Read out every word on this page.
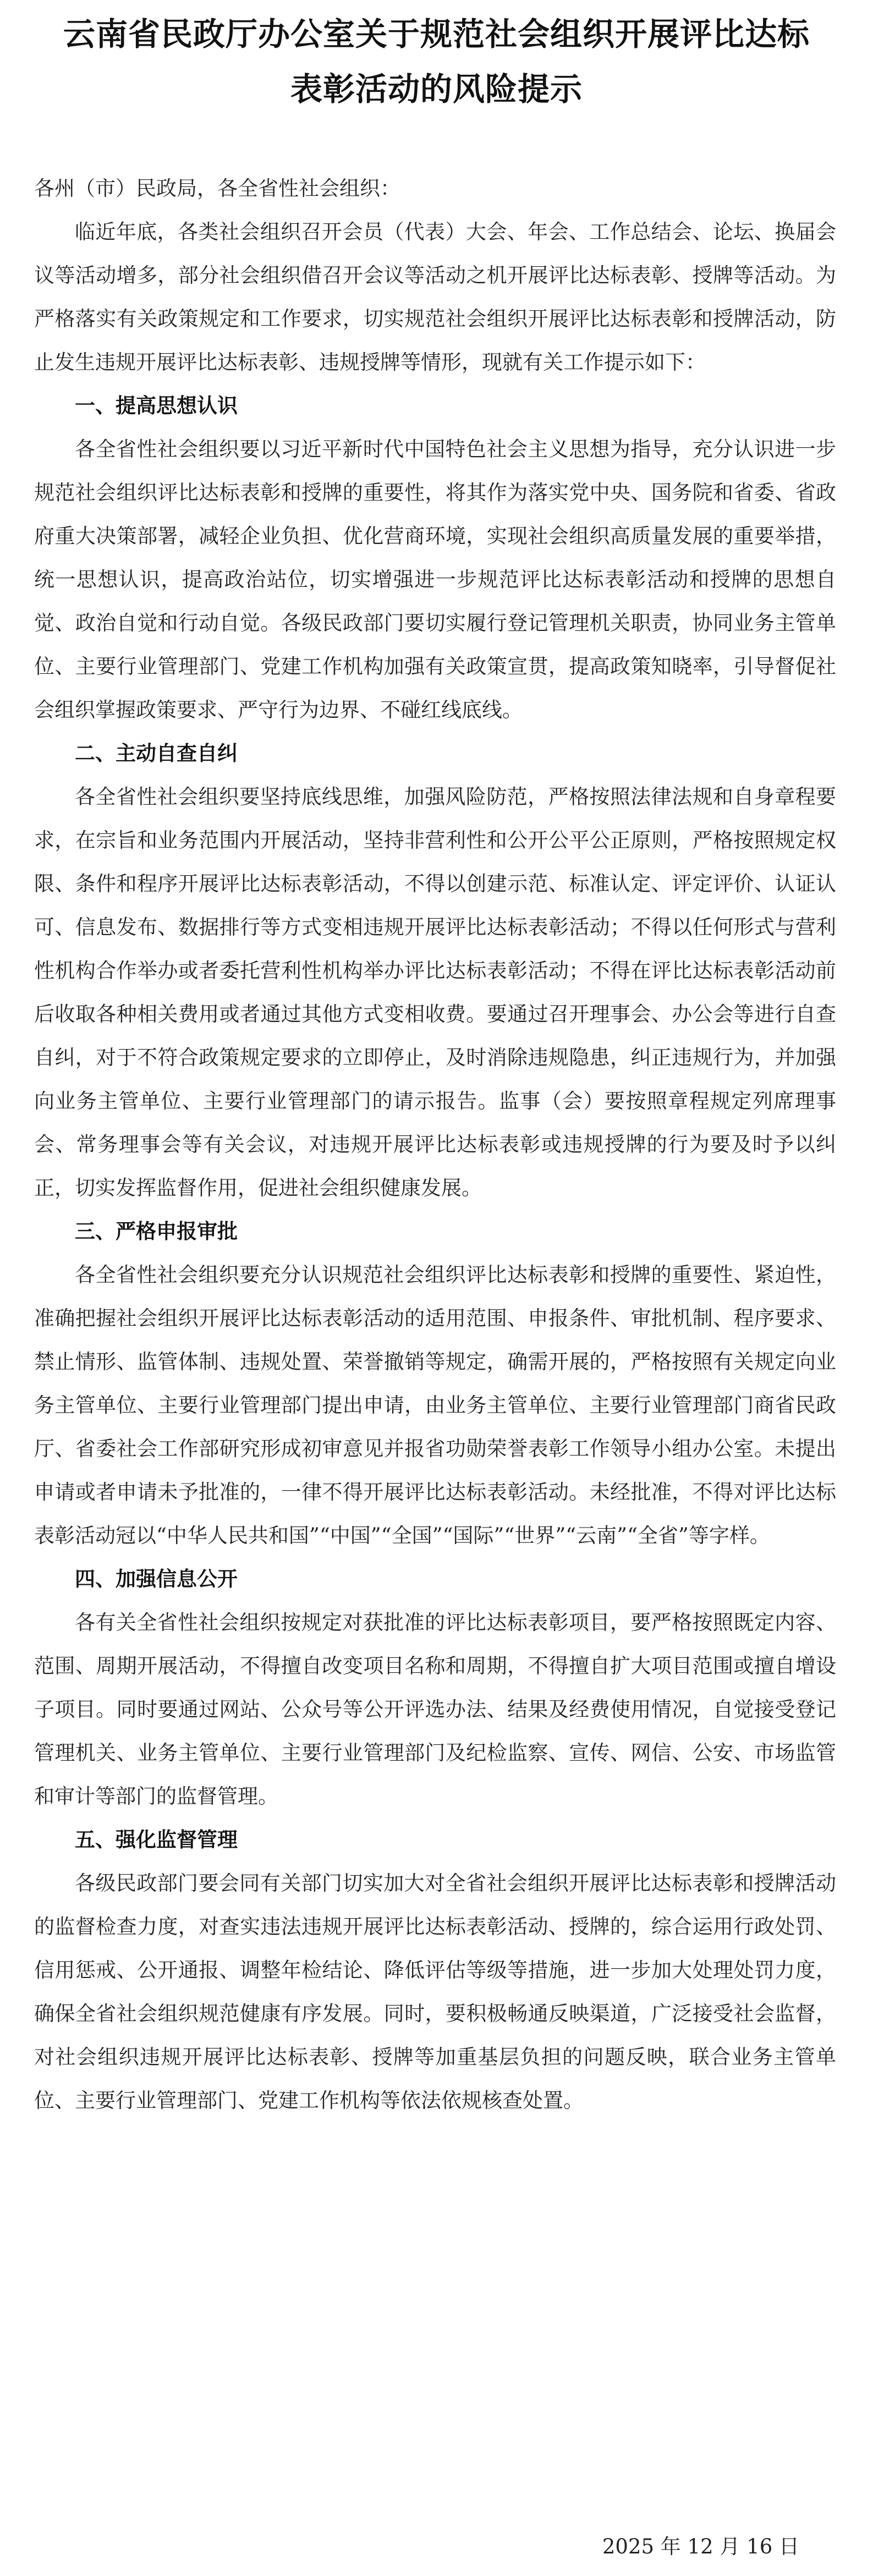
云南省民政厅办公室关于规范社会组织开展评比达标
表彰活动的风险提示

各州（市）民政局，各全省性社会组织：

临近年底，各类社会组织召开会员（代表）大会、年会、工作总结会、论坛、换届会议等活动增多，部分社会组织借召开会议等活动之机开展评比达标表彰、授牌等活动。为严格落实有关政策规定和工作要求，切实规范社会组织开展评比达标表彰和授牌活动，防止发生违规开展评比达标表彰、违规授牌等情形，现就有关工作提示如下：

一、提高思想认识

各全省性社会组织要以习近平新时代中国特色社会主义思想为指导，充分认识进一步规范社会组织评比达标表彰和授牌的重要性，将其作为落实党中央、国务院和省委、省政府重大决策部署，减轻企业负担、优化营商环境，实现社会组织高质量发展的重要举措，统一思想认识，提高政治站位，切实增强进一步规范评比达标表彰活动和授牌的思想自觉、政治自觉和行动自觉。各级民政部门要切实履行登记管理机关职责，协同业务主管单位、主要行业管理部门、党建工作机构加强有关政策宣贯，提高政策知晓率，引导督促社会组织掌握政策要求、严守行为边界、不碰红线底线。

二、主动自查自纠

各全省性社会组织要坚持底线思维，加强风险防范，严格按照法律法规和自身章程要求，在宗旨和业务范围内开展活动，坚持非营利性和公开公平公正原则，严格按照规定权限、条件和程序开展评比达标表彰活动，不得以创建示范、标准认定、评定评价、认证认可、信息发布、数据排行等方式变相违规开展评比达标表彰活动；不得以任何形式与营利性机构合作举办或者委托营利性机构举办评比达标表彰活动；不得在评比达标表彰活动前后收取各种相关费用或者通过其他方式变相收费。要通过召开理事会、办公会等进行自查自纠，对于不符合政策规定要求的立即停止，及时消除违规隐患，纠正违规行为，并加强向业务主管单位、主要行业管理部门的请示报告。监事（会）要按照章程规定列席理事会、常务理事会等有关会议，对违规开展评比达标表彰或违规授牌的行为要及时予以纠正，切实发挥监督作用，促进社会组织健康发展。

三、严格申报审批

各全省性社会组织要充分认识规范社会组织评比达标表彰和授牌的重要性、紧迫性，准确把握社会组织开展评比达标表彰活动的适用范围、申报条件、审批机制、程序要求、禁止情形、监管体制、违规处置、荣誉撤销等规定，确需开展的，严格按照有关规定向业务主管单位、主要行业管理部门提出申请，由业务主管单位、主要行业管理部门商省民政厅、省委社会工作部研究形成初审意见并报省功勋荣誉表彰工作领导小组办公室。未提出申请或者申请未予批准的，一律不得开展评比达标表彰活动。未经批准，不得对评比达标表彰活动冠以“中华人民共和国”“中国”“全国”“国际”“世界”“云南”“全省”等字样。

四、加强信息公开

各有关全省性社会组织按规定对获批准的评比达标表彰项目，要严格按照既定内容、范围、周期开展活动，不得擅自改变项目名称和周期，不得擅自扩大项目范围或擅自增设子项目。同时要通过网站、公众号等公开评选办法、结果及经费使用情况，自觉接受登记管理机关、业务主管单位、主要行业管理部门及纪检监察、宣传、网信、公安、市场监管和审计等部门的监督管理。

五、强化监督管理

各级民政部门要会同有关部门切实加大对全省社会组织开展评比达标表彰和授牌活动的监督检查力度，对查实违法违规开展评比达标表彰活动、授牌的，综合运用行政处罚、信用惩戒、公开通报、调整年检结论、降低评估等级等措施，进一步加大处理处罚力度，确保全省社会组织规范健康有序发展。同时，要积极畅通反映渠道，广泛接受社会监督，对社会组织违规开展评比达标表彰、授牌等加重基层负担的问题反映，联合业务主管单位、主要行业管理部门、党建工作机构等依法依规核查处置。

2025 年 12 月 16 日
